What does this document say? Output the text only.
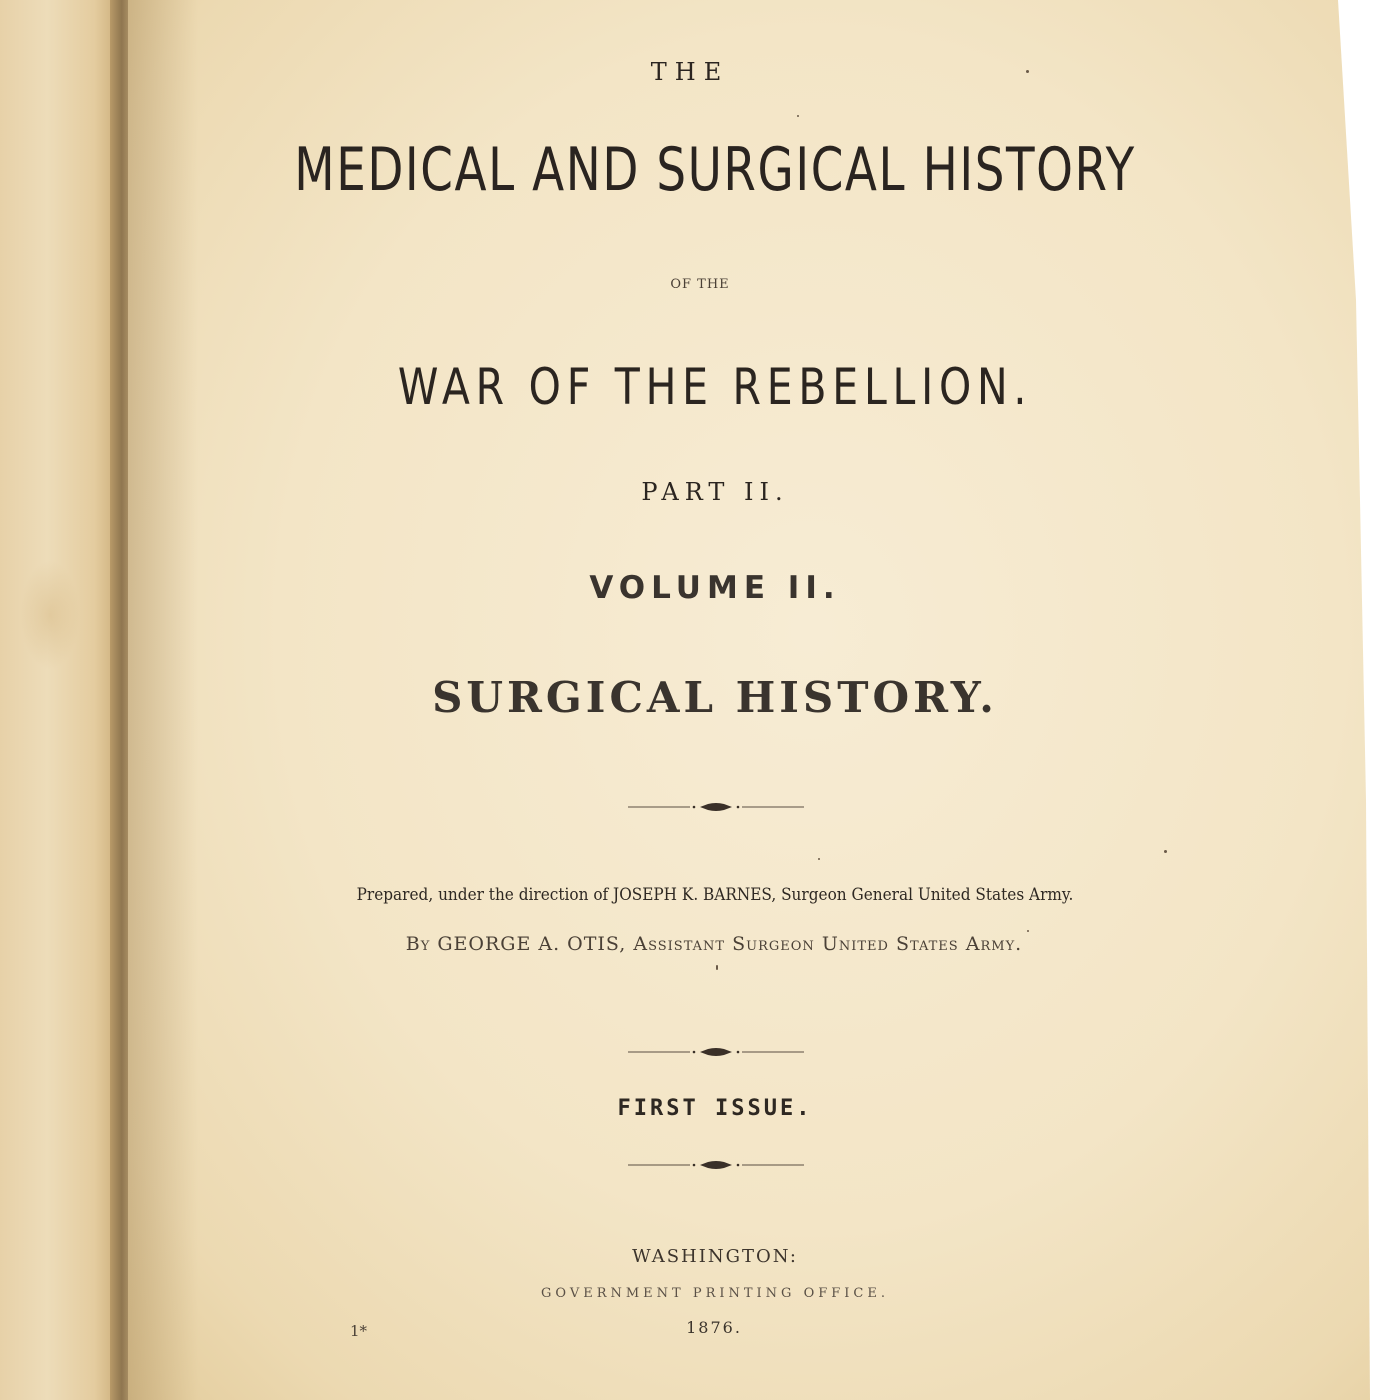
THE

MEDICAL AND SURGICAL HISTORY

OF THE

WAR OF THE REBELLION.

PART II.

VOLUME II.

SURGICAL HISTORY.

Prepared, under the direction of JOSEPH K. BARNES, Surgeon General United States Army.

By GEORGE A. OTIS, Assistant Surgeon United States Army.

FIRST ISSUE.

WASHINGTON:

GOVERNMENT PRINTING OFFICE.

1876.

1*
